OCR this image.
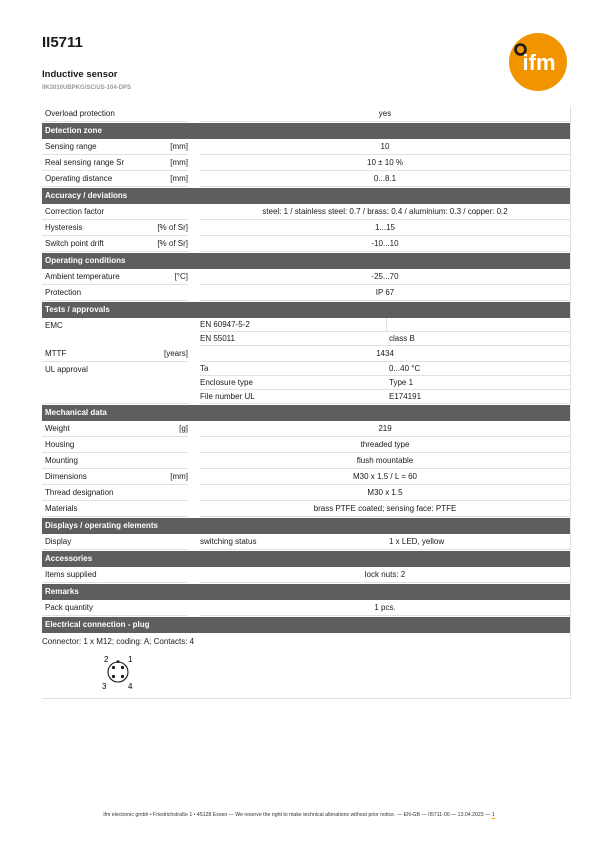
II5711
Inductive sensor
IIK3010UBPKG/SC/US-104-DPS
ifm
Overload protection	yes
Detection zone
Sensing range	[mm]	10
Real sensing range Sr	[mm]	10 ± 10 %
Operating distance	[mm]	0...8.1
Accuracy / deviations
Correction factor	steel: 1 / stainless steel: 0.7 / brass: 0.4 / aluminium: 0.3 / copper: 0.2
Hysteresis	[% of Sr]	1...15
Switch point drift	[% of Sr]	-10...10
Operating conditions
Ambient temperature	[°C]	-25...70
Protection	IP 67
Tests / approvals
EMC	EN 60947-5-2
EN 55011	class B
MTTF	[years]	1434
UL approval	Ta	0...40 °C
Enclosure type	Type 1
File number UL	E174191
Mechanical data
Weight	[g]	219
Housing	threaded type
Mounting	flush mountable
Dimensions	[mm]	M30 x 1.5 / L = 60
Thread designation	M30 x 1.5
Materials	brass PTFE coated; sensing face: PTFE
Displays / operating elements
Display	switching status	1 x LED, yellow
Accessories
Items supplied	lock nuts: 2
Remarks
Pack quantity	1 pcs.
Electrical connection - plug
Connector: 1 x M12; coding: A; Contacts: 4
2 1
3	4
ifm electronic gmbh • Friedrichstraße 1 • 45128 Essen — We reserve the right to make technical alterations without prior notice. — EN-GB — II5711-00 — 13.04.2023 — 1
